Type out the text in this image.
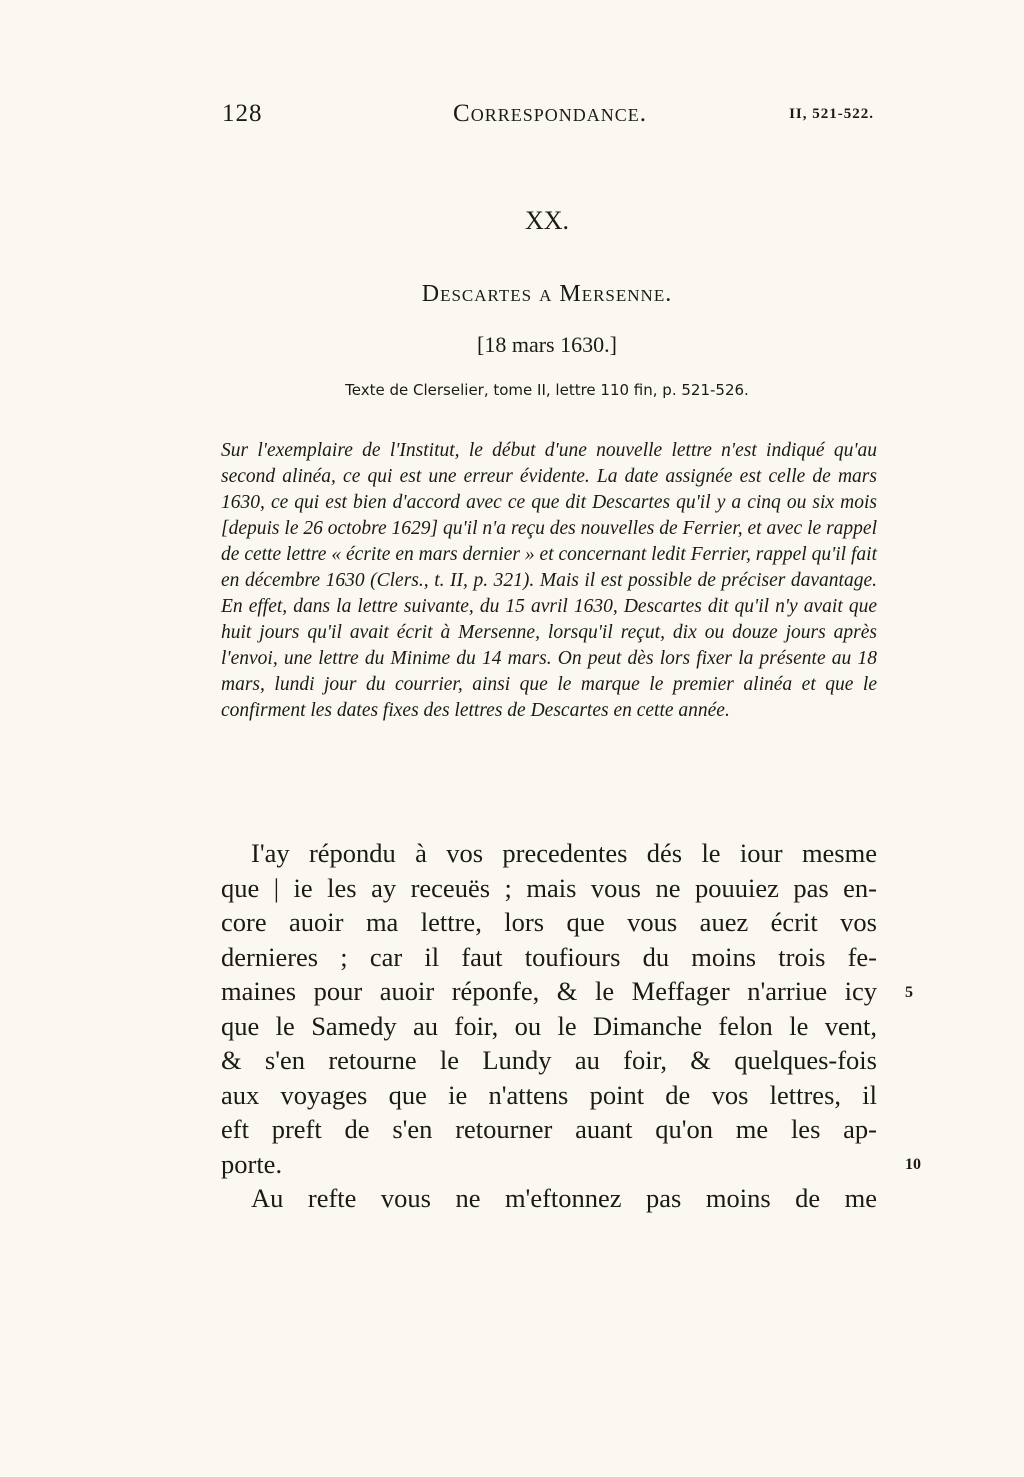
128	Correspondance.	II, 521-522.
XX.
Descartes a Mersenne.
[18 mars 1630.]
Texte de Clerselier, tome II, lettre 110 fin, p. 521-526.

Sur l'exemplaire de l'Institut, le début d'une nouvelle lettre n'est indiqué qu'au second alinéa, ce qui est une erreur évidente. La date assignée est celle de mars 1630, ce qui est bien d'accord avec ce que dit Descartes qu'il y a cinq ou six mois [depuis le 26 octobre 1629] qu'il n'a reçu des nouvelles de Ferrier, et avec le rappel de cette lettre « écrite en mars dernier » et concernant ledit Ferrier, rappel qu'il fait en décembre 1630 (Clers., t. II, p. 321). Mais il est possible de préciser davantage. En effet, dans la lettre suivante, du 15 avril 1630, Descartes dit qu'il n'y avait que huit jours qu'il avait écrit à Mersenne, lorsqu'il reçut, dix ou douze jours après l'envoi, une lettre du Minime du 14 mars. On peut dès lors fixer la présente au 18 mars, lundi jour du courrier, ainsi que le marque le premier alinéa et que le confirment les dates fixes des lettres de Descartes en cette année.

I'ay répondu à vos precedentes dés le iour mesme
que | ie les ay receuës ; mais vous ne pouuiez pas en-
core auoir ma lettre, lors que vous auez écrit vos
dernieres ; car il faut toufiours du moins trois fe-
maines pour auoir réponfe, & le Meffager n'arriue icy
que le Samedy au foir, ou le Dimanche felon le vent,
& s'en retourne le Lundy au foir, & quelques-fois
aux voyages que ie n'attens point de vos lettres, il
eft preft de s'en retourner auant qu'on me les ap-
porte.
Au refte vous ne m'eftonnez pas moins de me
5
10
